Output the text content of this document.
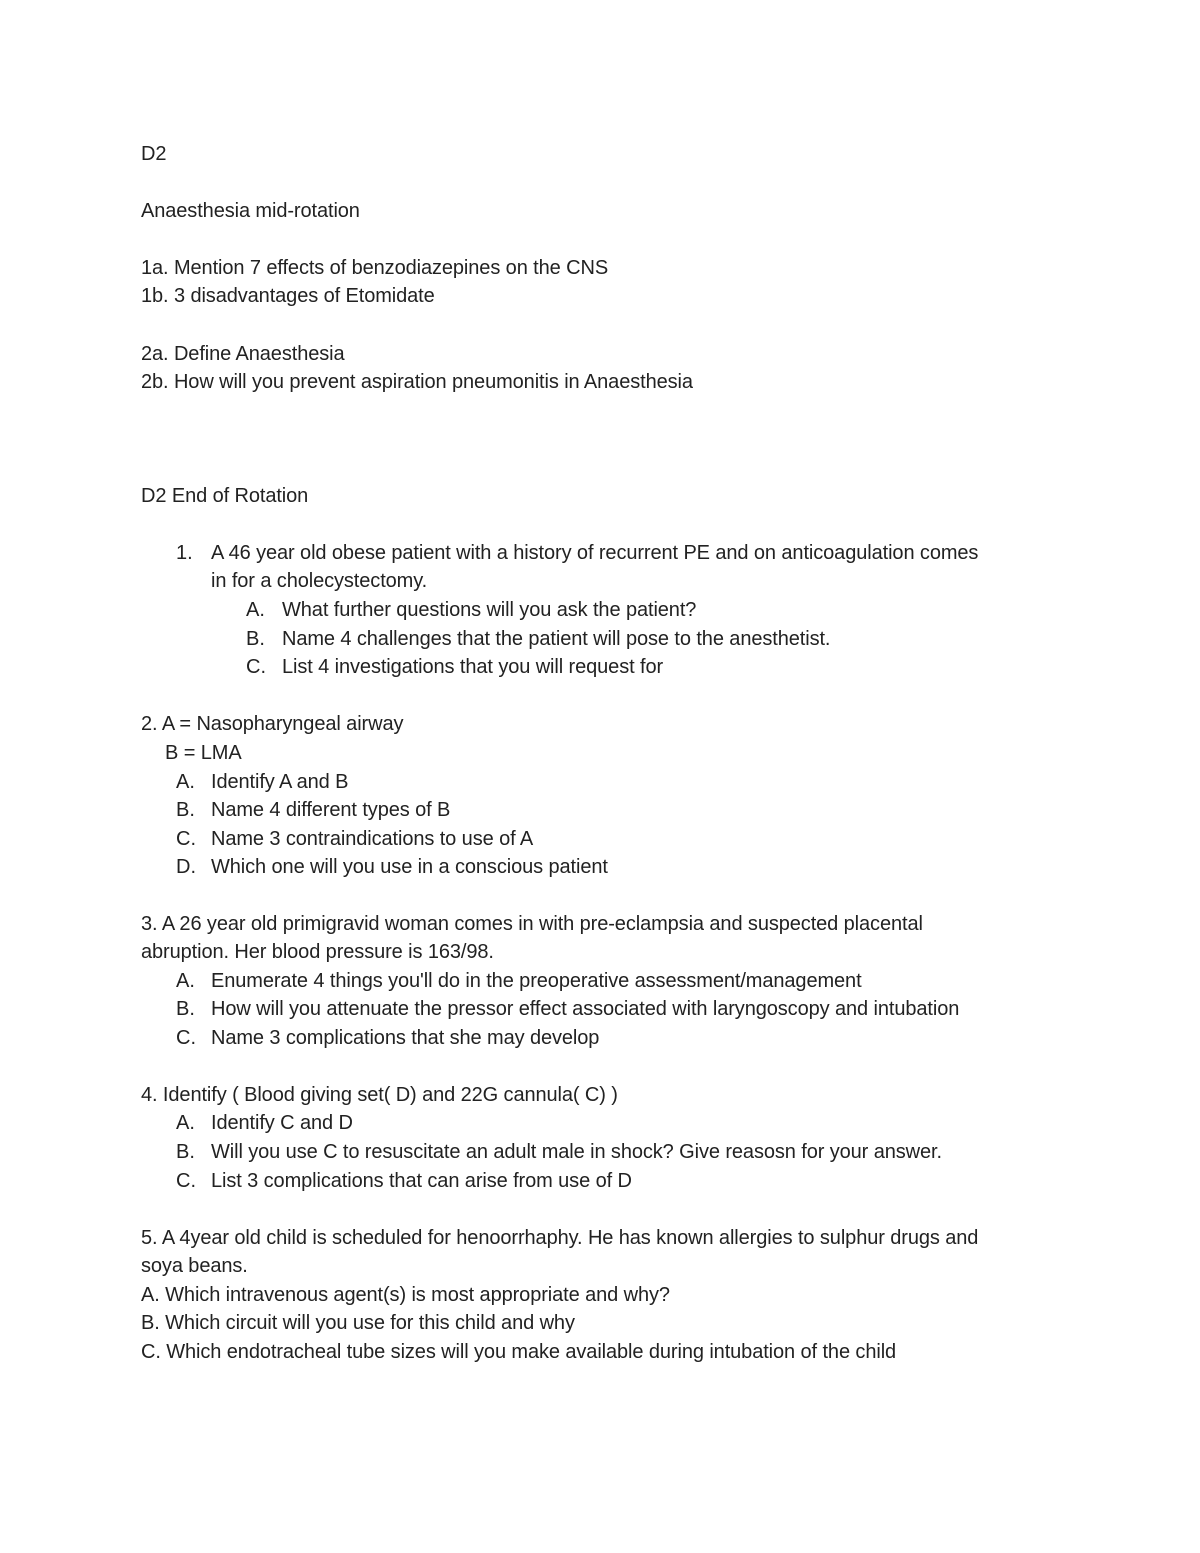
D2
Anaesthesia mid-rotation
1a. Mention 7 effects of benzodiazepines on the CNS
1b. 3 disadvantages of Etomidate
2a. Define Anaesthesia
2b. How will you prevent aspiration pneumonitis in Anaesthesia
D2 End of Rotation
1. A 46 year old obese patient with a history of recurrent PE and on anticoagulation comes
in for a cholecystectomy.
A. What further questions will you ask the patient?
B. Name 4 challenges that the patient will pose to the anesthetist.
C. List 4 investigations that you will request for
2. A = Nasopharyngeal airway
B = LMA
A. Identify A and B
B. Name 4 different types of B
C. Name 3 contraindications to use of A
D. Which one will you use in a conscious patient
3. A 26 year old primigravid woman comes in with pre-eclampsia and suspected placental
abruption. Her blood pressure is 163/98.
A. Enumerate 4 things you'll do in the preoperative assessment/management
B. How will you attenuate the pressor effect associated with laryngoscopy and intubation
C. Name 3 complications that she may develop
4. Identify ( Blood giving set( D) and 22G cannula( C) )
A. Identify C and D
B. Will you use C to resuscitate an adult male in shock? Give reasosn for your answer.
C. List 3 complications that can arise from use of D
5. A 4year old child is scheduled for henoorrhaphy. He has known allergies to sulphur drugs and
soya beans.
A. Which intravenous agent(s) is most appropriate and why?
B. Which circuit will you use for this child and why
C. Which endotracheal tube sizes will you make available during intubation of the child
